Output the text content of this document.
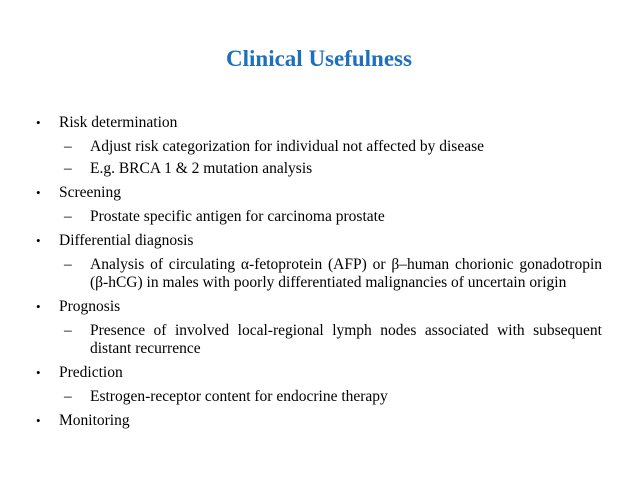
Clinical Usefulness
• Risk determination
– Adjust risk categorization for individual not affected by disease
– E.g. BRCA 1 & 2 mutation analysis
• Screening
– Prostate specific antigen for carcinoma prostate
• Differential diagnosis
– Analysis of circulating α-fetoprotein (AFP) or β–human chorionic gonadotropin (β-hCG) in males with poorly differentiated malignancies of uncertain origin
• Prognosis
– Presence of involved local-regional lymph nodes associated with subsequent distant recurrence
• Prediction
– Estrogen-receptor content for endocrine therapy
• Monitoring
